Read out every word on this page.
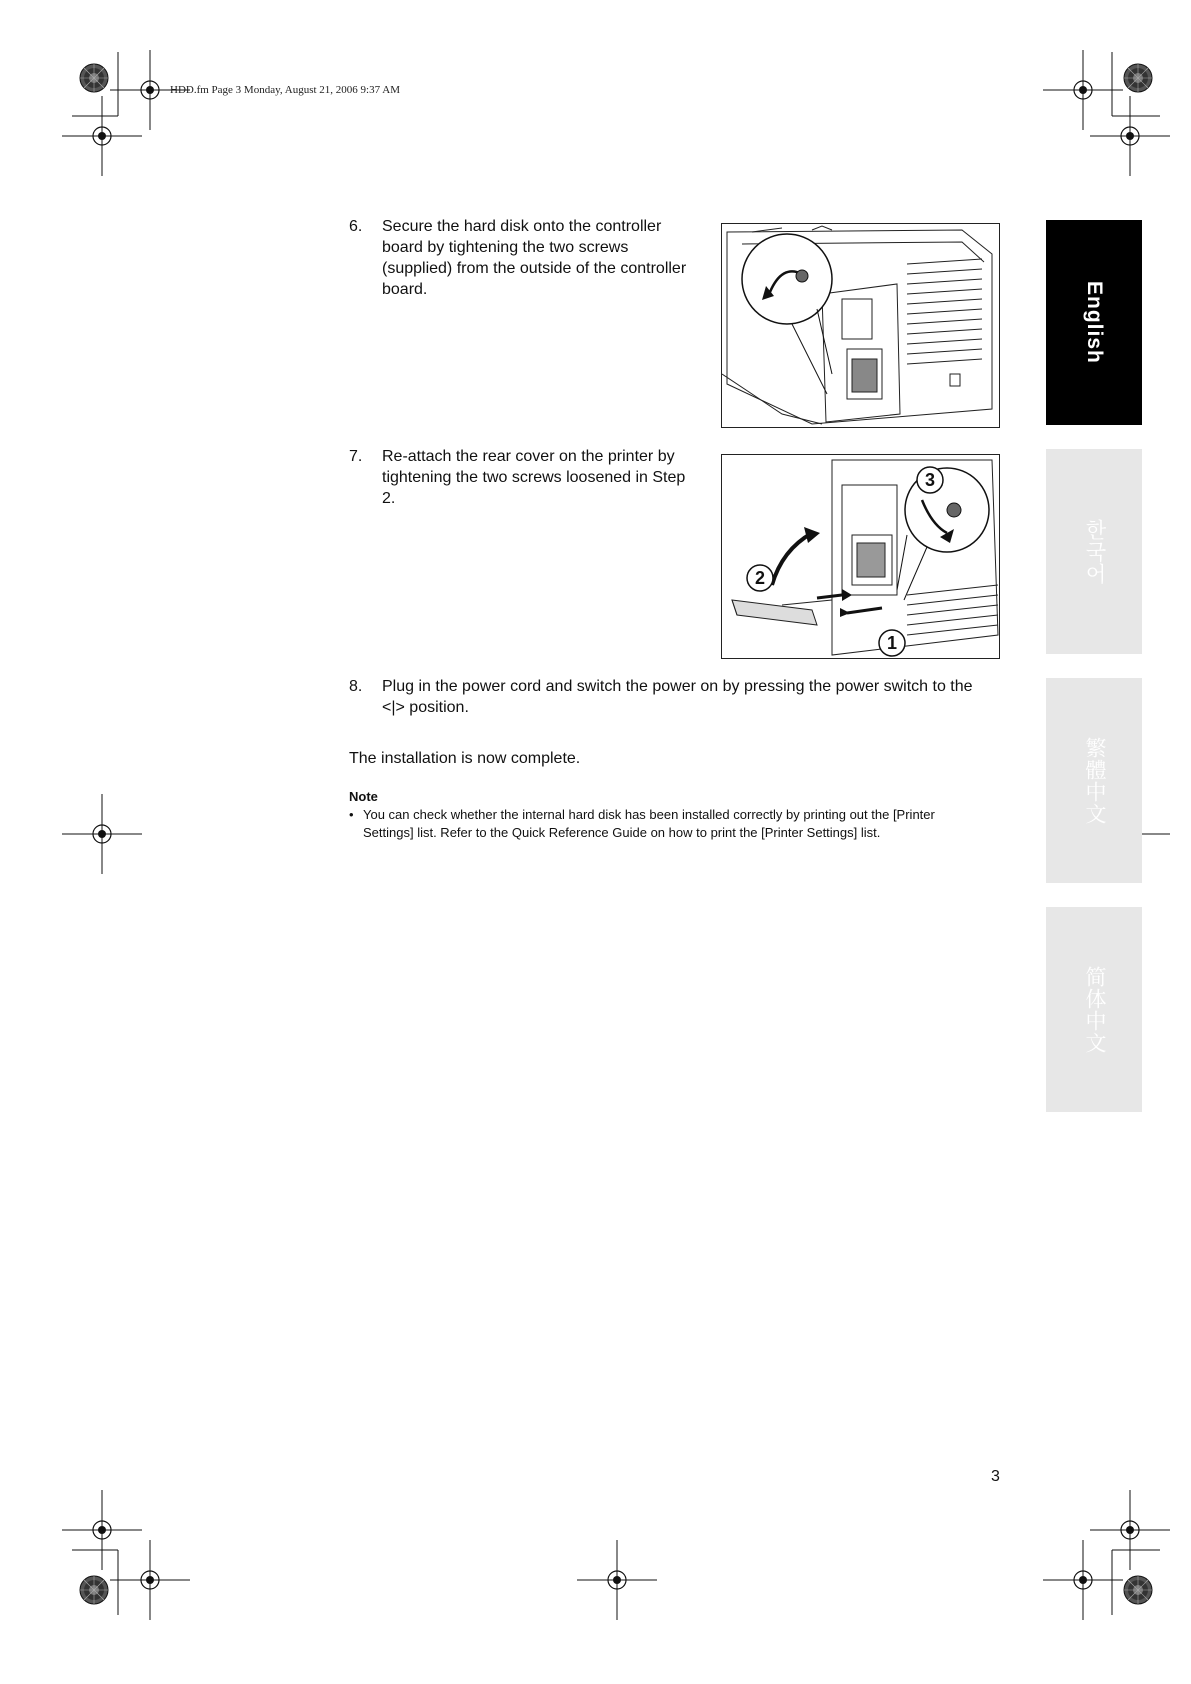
HDD.fm Page 3 Monday, August 21, 2006 9:37 AM
6. Secure the hard disk onto the controller
board by tightening the two screws
(supplied) from the outside of the controller
board.
7. Re-attach the rear cover on the printer by
tightening the two screws loosened in Step
2.
1
2
3
8. Plug in the power cord and switch the power on by pressing the power switch to the
<|> position.
The installation is now complete.
Note
• You can check whether the internal hard disk has been installed correctly by printing out the [Printer
Settings] list. Refer to the Quick Reference Guide on how to print the [Printer Settings] list.
English
한국어
繁體中文
简体中文
3
